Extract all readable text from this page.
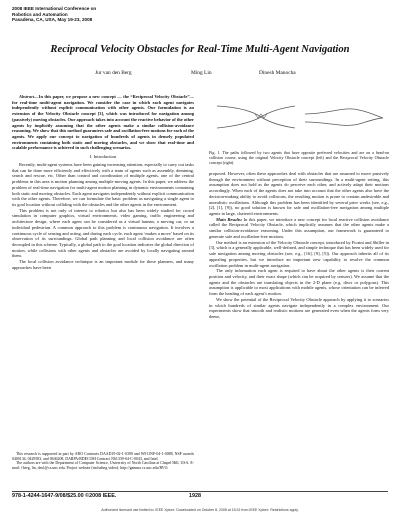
2008 IEEE International Conference on
Robotics and Automation
Pasadena, CA, USA, May 19-23, 2008
Reciprocal Velocity Obstacles for Real-Time Multi-Agent Navigation
Jur van den Berg	Ming Lin	Dinesh Manocha

Abstract—In this paper, we propose a new concept — the “Reciprocal Velocity Obstacle”— for real-time multi-agent navigation. We consider the case in which each agent navigates independently without explicit communication with other agents. Our formulation is an extension of the Velocity Obstacle concept [3], which was introduced for navigation among (passively) moving obstacles. Our approach takes into account the reactive behavior of the other agents by implicitly assuming that the other agents make a similar collision-avoidance reasoning. We show that this method guarantees safe and oscillation-free motions for each of the agents. We apply our concept to navigation of hundreds of agents in densely populated environments containing both static and moving obstacles, and we show that real-time and scalable performance is achieved in such challenging scenarios.

I. Introduction

Recently, multi-agent systems have been gaining increasing attention, especially to carry out tasks that can be done more efficiently and effectively with a team of agents such as assembly, demining, search and rescue, etc. Other than control and coordination of multiple agents, one of the central problems in this area is motion planning among multiple moving agents. In this paper, we address the problem of real-time navigation for multi-agent motion planning in dynamic environments containing both static and moving obstacles. Each agent navigates independently without explicit communication with the other agents. Therefore, we can formulate the basic problem as navigating a single agent to its goal location without colliding with the obstacles and the other agents in the environment.

This problem is not only of interest to robotics but also has been widely studied for crowd simulation in computer graphics, virtual environments, video gaming, traffic engineering and architecture design, where each agent can be considered as a virtual human, a moving car, or an individual pedestrian. A common approach to this problem is continuous navigation. It involves a continuous cycle of sensing and acting, and during each cycle, each agent ‘makes a move’ based on its observation of its surroundings. Global path planning and local collision avoidance are often decoupled in this scheme. Typically, a global path to the goal location indicates the global direction of motion, while collisions with other agents and obstacles are avoided by locally navigating around them.

The local collision avoidance technique is an important module for these planners, and many approaches have been

This research is supported in part by ARO Contracts DAAD19-02-1-0390 and W911NF-04-1-0088, NSF awards 0400134, 0429583, and 0636208, DARPA/RDECOM Contract N61339-04-C-0043, and Intel.

The authors are with the Department of Computer Science, University of North Carolina at Chapel Hill, USA. E-mail: {berg, lin, dm}@cs.unc.edu. Project website (including video): http://gamma.cs.unc.edu/RVO.

Fig. 1. The paths followed by two agents that have opposite preferred velocities and are on a head-on collision course, using the original Velocity Obstacle concept (left) and the Reciprocal Velocity Obstacle concept (right).

proposed. However, often these approaches deal with obstacles that are assumed to move passively through the environment without perception of their surroundings. In a multi-agent setting, this assumption does not hold as the agents do perceive each other, and actively adapt their motions accordingly. When each of the agents does not take into account that the other agents also have the decision-making ability to avoid collisions, the resulting motion is prone to contain undesirable and unrealistic oscillations. Although this problem has been identified by several prior works (see, e.g., [2], [1], [9]), no good solution is known for safe and oscillation-free navigation among multiple agents in large, cluttered environments.

Main Results: In this paper, we introduce a new concept for local reactive collision avoidance called the Reciprocal Velocity Obstacle, which implicitly assumes that the other agents make a similar collision-avoidance reasoning. Under this assumption, our framework is guaranteed to generate safe and oscillation-free motions.

Our method is an extension of the Velocity Obstacle concept, introduced by Fiorini and Shiller in [3], which is a generally applicable, well-defined, and simple technique that has been widely used for safe navigation among moving obstacles (see, e.g., [16], [9], [5]). Our approach inherits all of its appealing properties, but we introduce an important new capability to resolve the common oscillation problem in multi-agent navigation.

The only information each agent is required to have about the other agents is their current position and velocity, and their exact shape (which can be acquired by sensors). We assume that the agents and the obstacles are translating objects in the 2-D plane (e.g. discs or polygons). This assumption is applicable to most applications with mobile agents, whose orientation can be inferred from the heading of each agent’s motion.

We show the potential of the Reciprocal Velocity Obstacle approach by applying it to scenarios in which hundreds of similar agents navigate independently in a complex environment. Our experiments show that smooth and realistic motions are generated even when the agents form very dense,

978-1-4244-1647-9/08/$25.00 ©2008 IEEE.	1928
Authorized licensed use limited to: IEEE Xplore. Downloaded on October 8, 2008 at 15:31 from IEEE Xplore. Restrictions apply.
